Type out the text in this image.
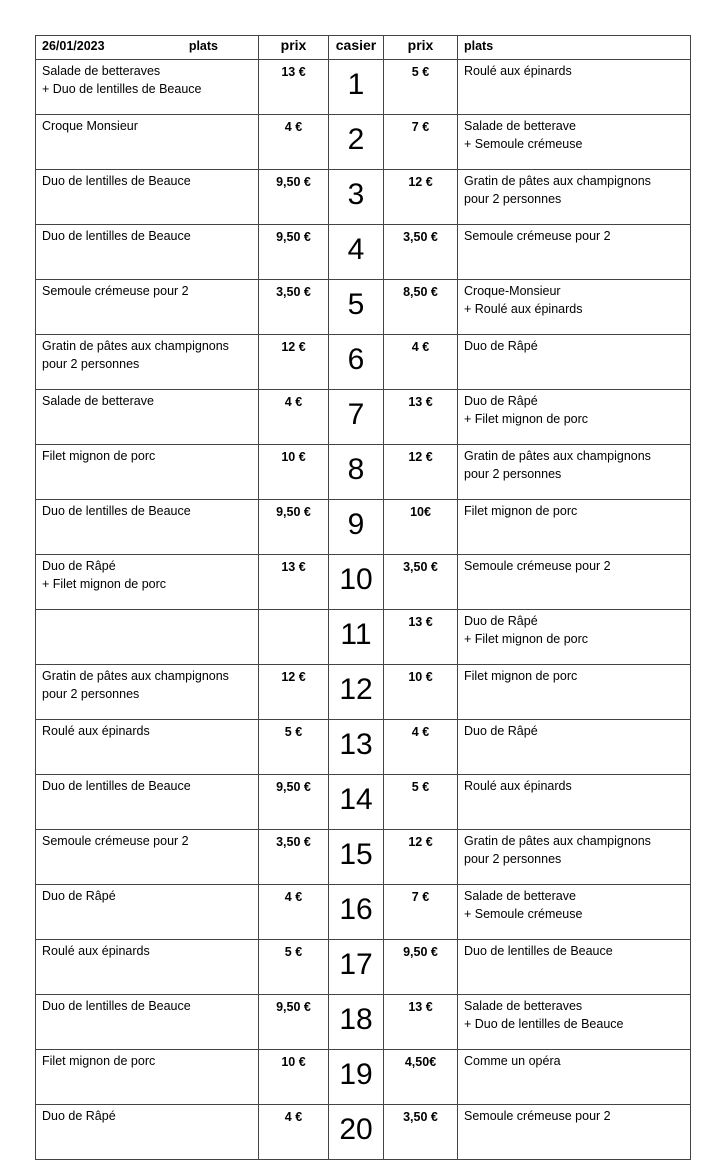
26/01/2023 plats	prix	casier	prix	plats

Salade de betteraves
+ Duo de lentilles de Beauce	13 €	1	5 €	Roulé aux épinards

Croque Monsieur	4 €	2	7 €	Salade de betterave
+ Semoule crémeuse

Duo de lentilles de Beauce	9,50 €	3	12 €	Gratin de pâtes aux champignons
pour 2 personnes

Duo de lentilles de Beauce	9,50 €	4	3,50 €	Semoule crémeuse pour 2

Semoule crémeuse pour 2	3,50 €	5	8,50 €	Croque-Monsieur
+ Roulé aux épinards

Gratin de pâtes aux champignons
pour 2 personnes	12 €	6	4 €	Duo de Râpé

Salade de betterave	4 €	7	13 €	Duo de Râpé
+ Filet mignon de porc

Filet mignon de porc	10 €	8	12 €	Gratin de pâtes aux champignons
pour 2 personnes

Duo de lentilles de Beauce	9,50 €	9	10€	Filet mignon de porc

Duo de Râpé
+ Filet mignon de porc	13 €	10	3,50 €	Semoule crémeuse pour 2

		11	13 €	Duo de Râpé
+ Filet mignon de porc

Gratin de pâtes aux champignons
pour 2 personnes	12 €	12	10 €	Filet mignon de porc

Roulé aux épinards	5 €	13	4 €	Duo de Râpé

Duo de lentilles de Beauce	9,50 €	14	5 €	Roulé aux épinards

Semoule crémeuse pour 2	3,50 €	15	12 €	Gratin de pâtes aux champignons
pour 2 personnes

Duo de Râpé	4 €	16	7 €	Salade de betterave
+ Semoule crémeuse

Roulé aux épinards	5 €	17	9,50 €	Duo de lentilles de Beauce

Duo de lentilles de Beauce	9,50 €	18	13 €	Salade de betteraves
+ Duo de lentilles de Beauce

Filet mignon de porc	10 €	19	4,50€	Comme un opéra

Duo de Râpé	4 €	20	3,50 €	Semoule crémeuse pour 2
